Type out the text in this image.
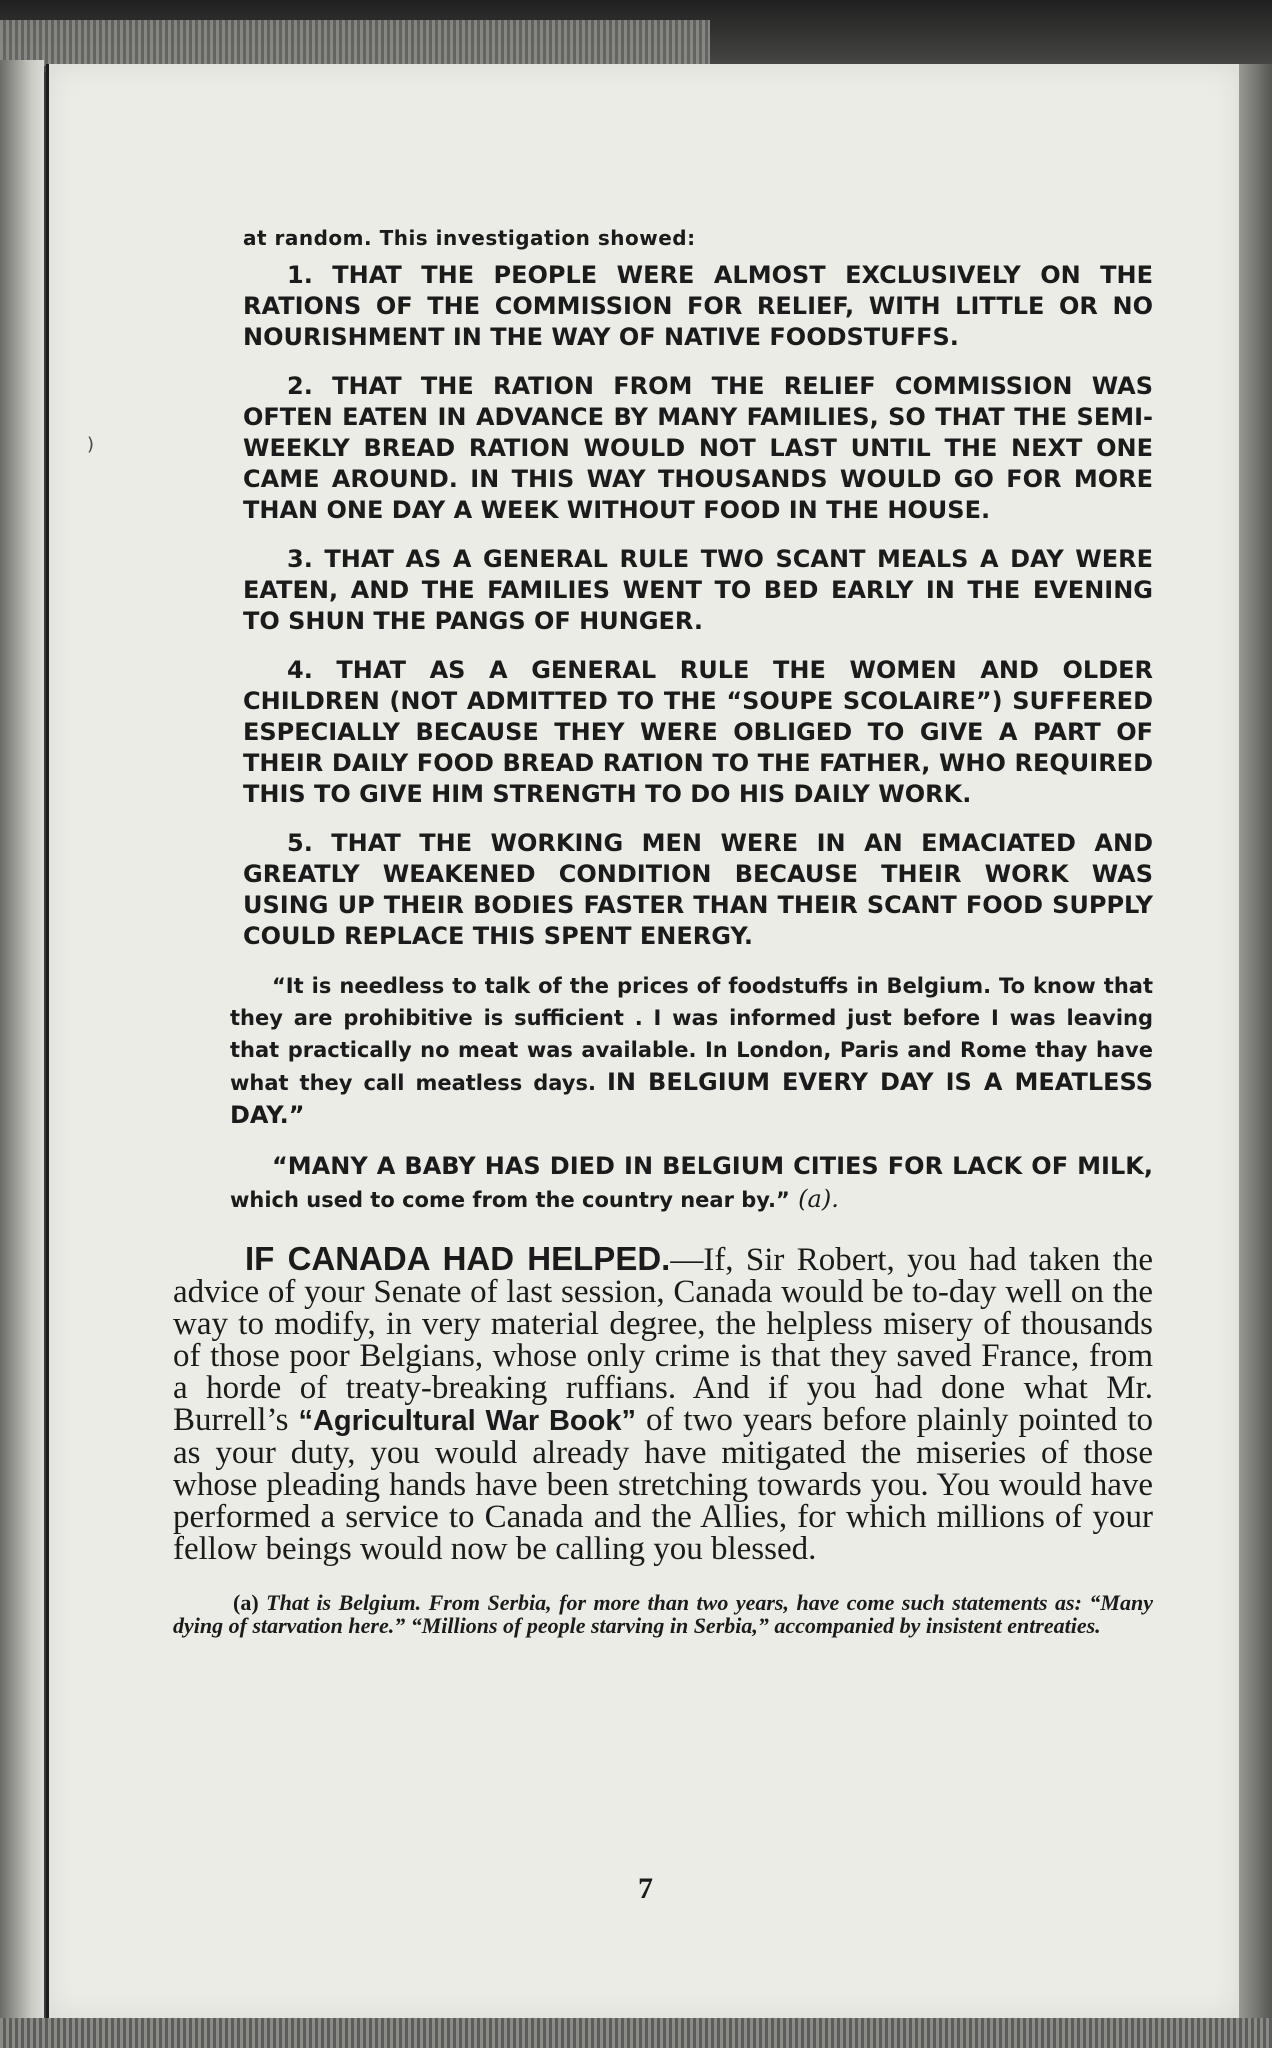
)

at random. This investigation showed:

1. THAT THE PEOPLE WERE ALMOST EXCLUSIVELY ON THE RATIONS OF THE COMMISSION FOR RELIEF, WITH LITTLE OR NO NOURISHMENT IN THE WAY OF NATIVE FOODSTUFFS.

2. THAT THE RATION FROM THE RELIEF COMMISSION WAS OFTEN EATEN IN ADVANCE BY MANY FAMILIES, SO THAT THE SEMI-WEEKLY BREAD RATION WOULD NOT LAST UNTIL THE NEXT ONE CAME AROUND. IN THIS WAY THOUSANDS WOULD GO FOR MORE THAN ONE DAY A WEEK WITHOUT FOOD IN THE HOUSE.

3. THAT AS A GENERAL RULE TWO SCANT MEALS A DAY WERE EATEN, AND THE FAMILIES WENT TO BED EARLY IN THE EVENING TO SHUN THE PANGS OF HUNGER.

4. THAT AS A GENERAL RULE THE WOMEN AND OLDER CHILDREN (NOT ADMITTED TO THE “SOUPE SCOLAIRE”) SUFFERED ESPECIALLY BECAUSE THEY WERE OBLIGED TO GIVE A PART OF THEIR DAILY FOOD BREAD RATION TO THE FATHER, WHO REQUIRED THIS TO GIVE HIM STRENGTH TO DO HIS DAILY WORK.

5. THAT THE WORKING MEN WERE IN AN EMACIATED AND GREATLY WEAKENED CONDITION BECAUSE THEIR WORK WAS USING UP THEIR BODIES FASTER THAN THEIR SCANT FOOD SUPPLY COULD REPLACE THIS SPENT ENERGY.

“It is needless to talk of the prices of foodstuffs in Belgium. To know that they are prohibitive is sufficient . I was informed just before I was leaving that practically no meat was available. In London, Paris and Rome thay have what they call meatless days. IN BELGIUM EVERY DAY IS A MEATLESS DAY.”

“MANY A BABY HAS DIED IN BELGIUM CITIES FOR LACK OF MILK, which used to come from the country near by.” (a).

IF CANADA HAD HELPED.—If, Sir Robert, you had taken the advice of your Senate of last session, Canada would be to-day well on the way to modify, in very material degree, the helpless misery of thousands of those poor Belgians, whose only crime is that they saved France, from a horde of treaty-breaking ruffians. And if you had done what Mr. Burrell’s “Agricultural War Book” of two years before plainly pointed to as your duty, you would already have mitigated the miseries of those whose pleading hands have been stretching towards you. You would have performed a service to Canada and the Allies, for which millions of your fellow beings would now be calling you blessed.

(a) That is Belgium. From Serbia, for more than two years, have come such statements as: “Many dying of starvation here.” “Millions of people starving in Serbia,” accompanied by insistent entreaties.

7
